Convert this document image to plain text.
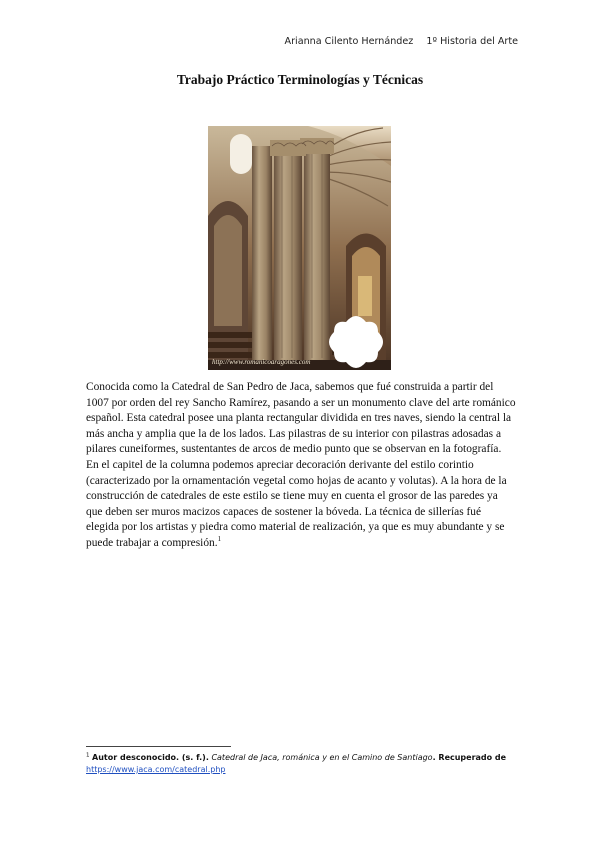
Arianna Cilento Hernández 1º Historia del Arte
Trabajo Práctico Terminologías y Técnicas
http://www.romanicoaragones.com

Conocida como la Catedral de San Pedro de Jaca, sabemos que fué construida a partir del 1007 por orden del rey Sancho Ramírez, pasando a ser un monumento clave del arte románico español. Esta catedral posee una planta rectangular dividida en tres naves, siendo la central la más ancha y amplia que la de los lados. Las pilastras de su interior con pilastras adosadas a pilares cuneiformes, sustentantes de arcos de medio punto que se observan en la fotografía. En el capitel de la columna podemos apreciar decoración derivante del estilo corintio (caracterizado por la ornamentación vegetal como hojas de acanto y volutas). A la hora de la construcción de catedrales de este estilo se tiene muy en cuenta el grosor de las paredes ya que deben ser muros macizos capaces de sostener la bóveda. La técnica de sillerías fué elegida por los artistas y piedra como material de realización, ya que es muy abundante y se puede trabajar a compresión.$^1$

$^1$ Autor desconocido. (s. f.). Catedral de Jaca, románica y en el Camino de Santiago. Recuperado de
https://www.jaca.com/catedral.php
